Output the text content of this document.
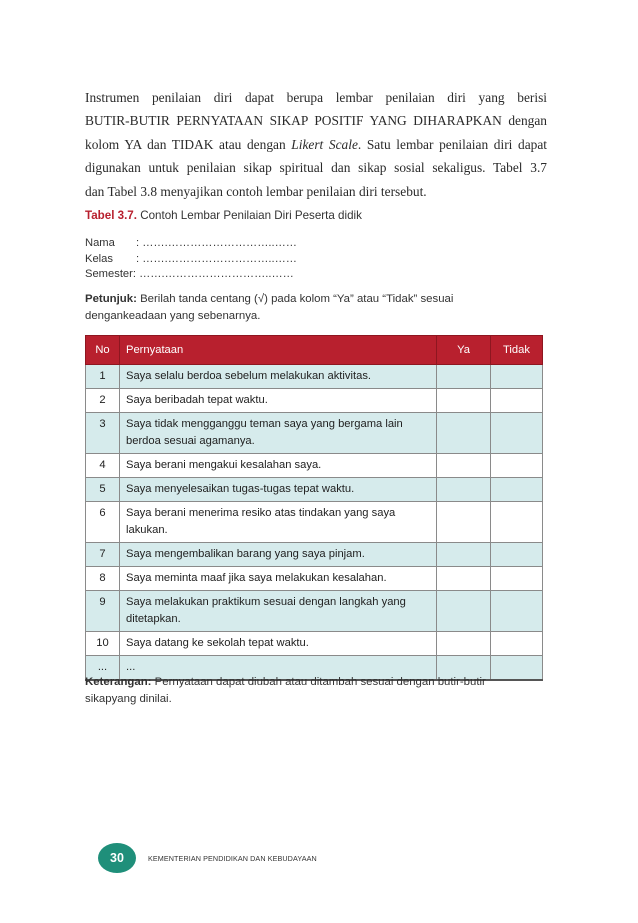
Instrumen penilaian diri dapat berupa lembar penilaian diri yang berisi
BUTIR-BUTIR PERNYATAAN SIKAP POSITIF YANG DIHARAPKAN dengan
kolom YA dan TIDAK atau dengan Likert Scale. Satu lembar penilaian diri dapat
digunakan untuk penilaian sikap spiritual dan sikap sosial sekaligus. Tabel 3.7
dan Tabel 3.8 menyajikan contoh lembar penilaian diri tersebut.
Tabel 3.7. Contoh Lembar Penilaian Diri Peserta didik
Nama	: …….………………………..……
Kelas	: …….………………………..……
Semester : …….………………………..……
Petunjuk: Berilah tanda centang (√) pada kolom “Ya” atau “Tidak” sesuai
dengankeadaan yang sebenarnya.
No	Pernyataan	Ya	Tidak
1	Saya selalu berdoa sebelum melakukan aktivitas.		
2	Saya beribadah tepat waktu.		
3	Saya tidak mengganggu teman saya yang bergama lain
berdoa sesuai agamanya.		
4	Saya berani mengakui kesalahan saya.		
5	Saya menyelesaikan tugas-tugas tepat waktu.		
6	Saya berani menerima resiko atas tindakan yang saya
lakukan.		
7	Saya mengembalikan barang yang saya pinjam.		
8	Saya meminta maaf jika saya melakukan kesalahan.		
9	Saya melakukan praktikum sesuai dengan langkah yang
ditetapkan.		
10	Saya datang ke sekolah tepat waktu.		
...	...		
Keterangan: Pernyataan dapat diubah atau ditambah sesuai dengan butir-butir
sikapyang dinilai.
30	KEMENTERIAN PENDIDIKAN DAN KEBUDAYAAN
